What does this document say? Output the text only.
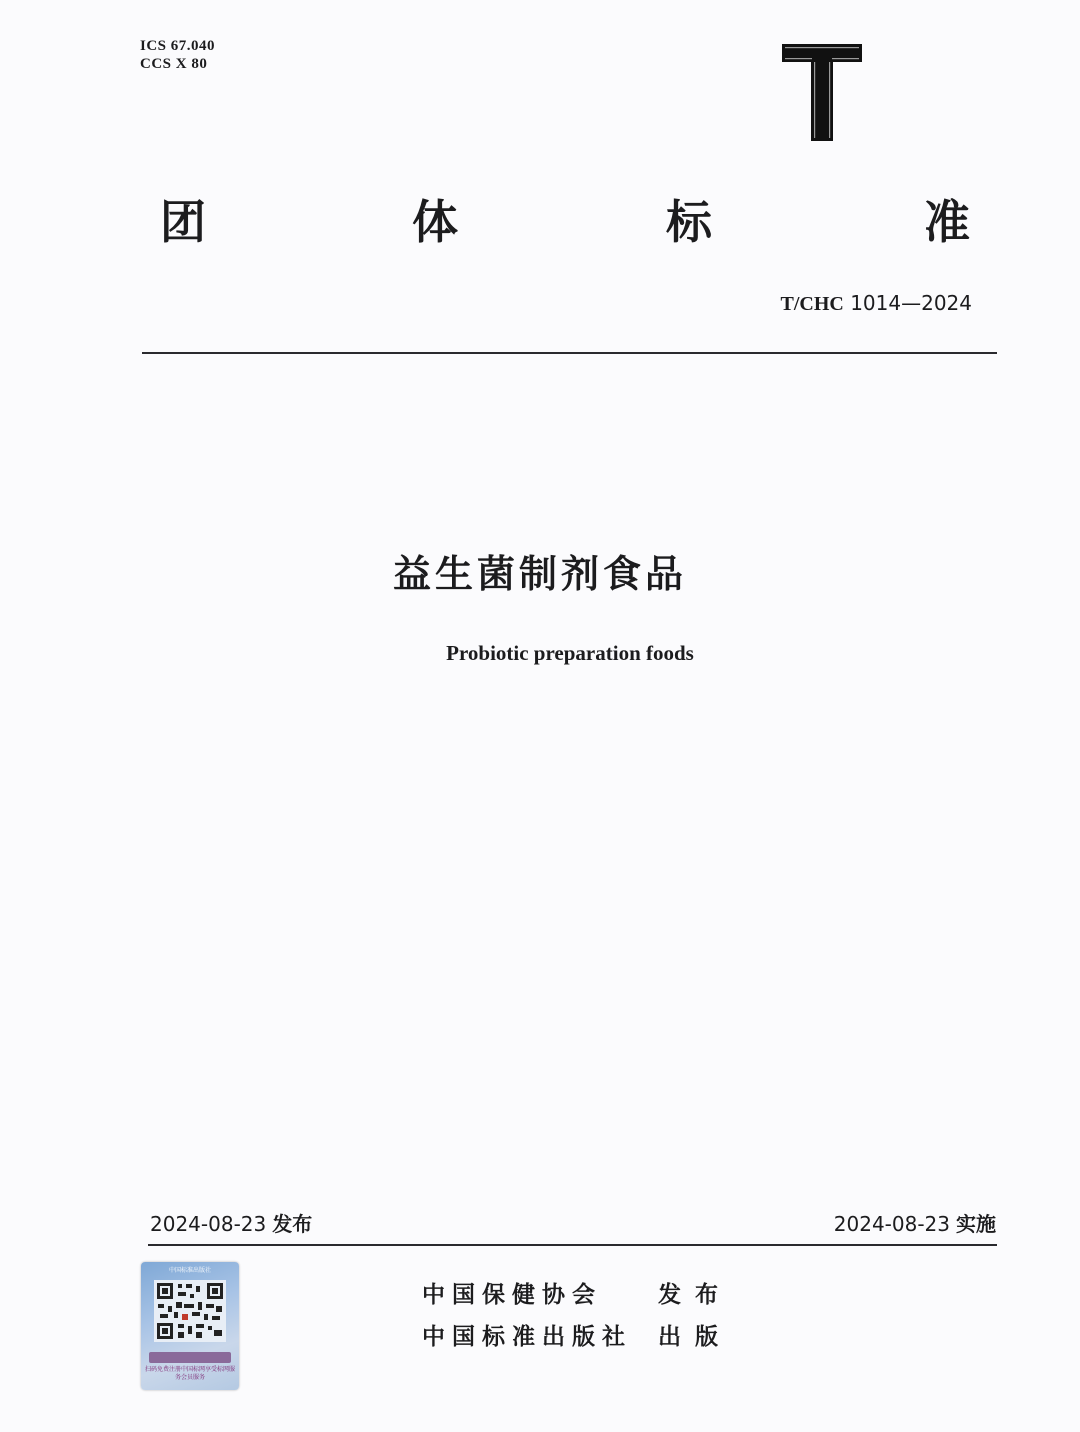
ICS 67.040
CCS X 80
团	体	标	准
T/CHC 1014—2024
益生菌制剂食品
Probiotic preparation foods
2024-08-23 发布	2024-08-23 实施
中国标准出版社
扫码免费注册中国标网享受标网服务会员服务
中国保健协会 发布
中国标准出版社 出版
